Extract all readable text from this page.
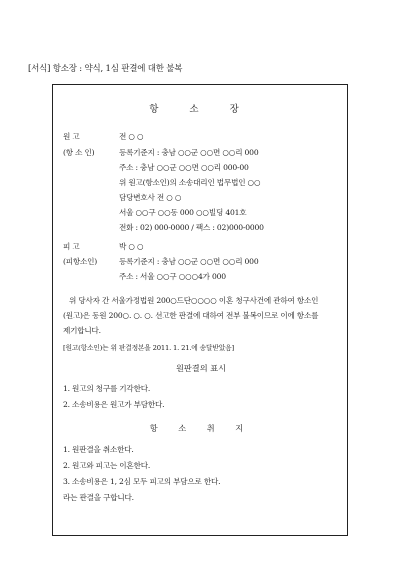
[서식] 항소장 : 약식, 1심 판결에 대한 불복
항 소 장
원 고	전 ○ ○
(항 소 인)	등록기준지 : 충남 ○○군 ○○면 ○○리 000
주소 : 충남 ○○군 ○○면 ○○리 000-00
위 원고(항소인)의 소송대리인 법무법인 ○○
담당변호사 전 ○ ○
서울 ○○구 ○○동 000 ○○빌딩 401호
전화 : 02) 000-0000 / 팩스 : 02)000-0000
피 고	박 ○ ○
(피항소인)	등록기준지 : 충남 ○○군 ○○면 ○○리 000
주소 : 서울 ○○구 ○○○4가 000
위 당사자 간 서울가정법원 200○드단○○○○ 이혼 청구사건에 관하여 항소인
(원고)은 동원 200○. ○. ○. 선고한 판결에 대하여 전부 불복이므로 이에 항소를
제기합니다.
[원고(항소인)는 위 판결정본을 2011. 1. 21.에 송달받았음]
원판결의 표시
1. 원고의 청구를 기각한다.
2. 소송비용은 원고가 부담한다.
항 소 취 지
1. 원판결을 취소한다.
2. 원고와 피고는 이혼한다.
3. 소송비용은 1, 2심 모두 피고의 부담으로 한다.
라는 판결을 구합니다.
